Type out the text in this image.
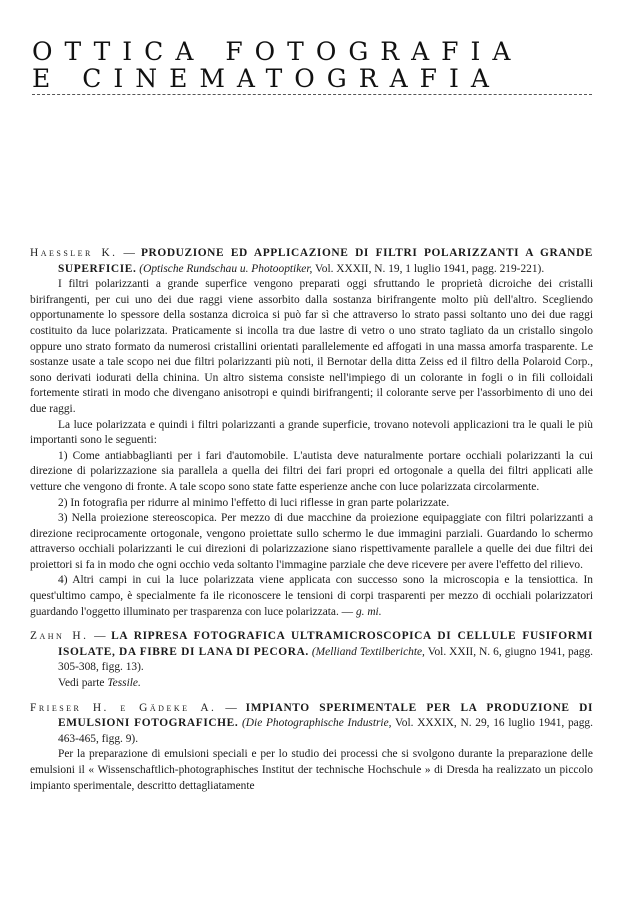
OTTICA FOTOGRAFIA
E CINEMATOGRAFIA

Haessler K. — PRODUZIONE ED APPLICAZIONE DI FILTRI POLARIZZANTI A GRANDE SUPERFICIE. (Optische Rundschau u. Photooptiker, Vol. XXXII, N. 19, 1 luglio 1941, pagg. 219-221).

I filtri polarizzanti a grande superfice vengono preparati oggi sfruttando le proprietà dicroiche dei cristalli birifrangenti, per cui uno dei due raggi viene assorbito dalla sostanza birifrangente molto più dell'altro. Scegliendo opportunamente lo spessore della sostanza dicroica si può far sì che attraverso lo strato passi soltanto uno dei due raggi costituito da luce polarizzata. Praticamente si incolla tra due lastre di vetro o uno strato tagliato da un cristallo singolo oppure uno strato formato da numerosi cristallini orientati parallelemente ed affogati in una massa amorfa trasparente. Le sostanze usate a tale scopo nei due filtri polarizzanti più noti, il Bernotar della ditta Zeiss ed il filtro della Polaroid Corp., sono derivati iodurati della chinina. Un altro sistema consiste nell'impiego di un colorante in fogli o in fili colloidali fortemente stirati in modo che divengano anisotropi e quindi birifrangenti; il colorante serve per l'assorbimento di uno dei due raggi.

La luce polarizzata e quindi i filtri polarizzanti a grande superficie, trovano notevoli applicazioni tra le quali le più importanti sono le seguenti:

1) Come antiabbaglianti per i fari d'automobile. L'autista deve naturalmente portare occhiali polarizzanti la cui direzione di polarizzazione sia parallela a quella dei filtri dei fari propri ed ortogonale a quella dei filtri applicati alle vetture che vengono di fronte. A tale scopo sono state fatte esperienze anche con luce polarizzata circolarmente.

2) In fotografia per ridurre al minimo l'effetto di luci riflesse in gran parte polarizzate.

3) Nella proiezione stereoscopica. Per mezzo di due macchine da proiezione equipaggiate con filtri polarizzanti a direzione reciprocamente ortogonale, vengono proiettate sullo schermo le due immagini parziali. Guardando lo schermo attraverso occhiali polarizzanti le cui direzioni di polarizzazione siano rispettivamente parallele a quelle dei due filtri dei proiettori si fa in modo che ogni occhio veda soltanto l'immagine parziale che deve ricevere per avere l'effetto del rilievo.

4) Altri campi in cui la luce polarizzata viene applicata con successo sono la microscopia e la tensiottica. In quest'ultimo campo, è specialmente fa ile riconoscere le tensioni di corpi trasparenti per mezzo di occhiali polarizzatori guardando l'oggetto illuminato per trasparenza con luce polarizzata. — g. mi.

Zahn H. — LA RIPRESA FOTOGRAFICA ULTRAMICROSCOPICA DI CELLULE FUSIFORMI ISOLATE, DA FIBRE DI LANA DI PECORA. (Melliand Textilberichte, Vol. XXII, N. 6, giugno 1941, pagg. 305-308, figg. 13).

Vedi parte Tessile.

Frieser H. e Gädeke A. — IMPIANTO SPERIMENTALE PER LA PRODUZIONE DI EMULSIONI FOTOGRAFICHE. (Die Photographische Industrie, Vol. XXXIX, N. 29, 16 luglio 1941, pagg. 463-465, figg. 9).

Per la preparazione di emulsioni speciali e per lo studio dei processi che si svolgono durante la preparazione delle emulsioni il « Wissenschaftlich-photographisches Institut der technische Hochschule » di Dresda ha realizzato un piccolo impianto sperimentale, descritto dettagliatamente
